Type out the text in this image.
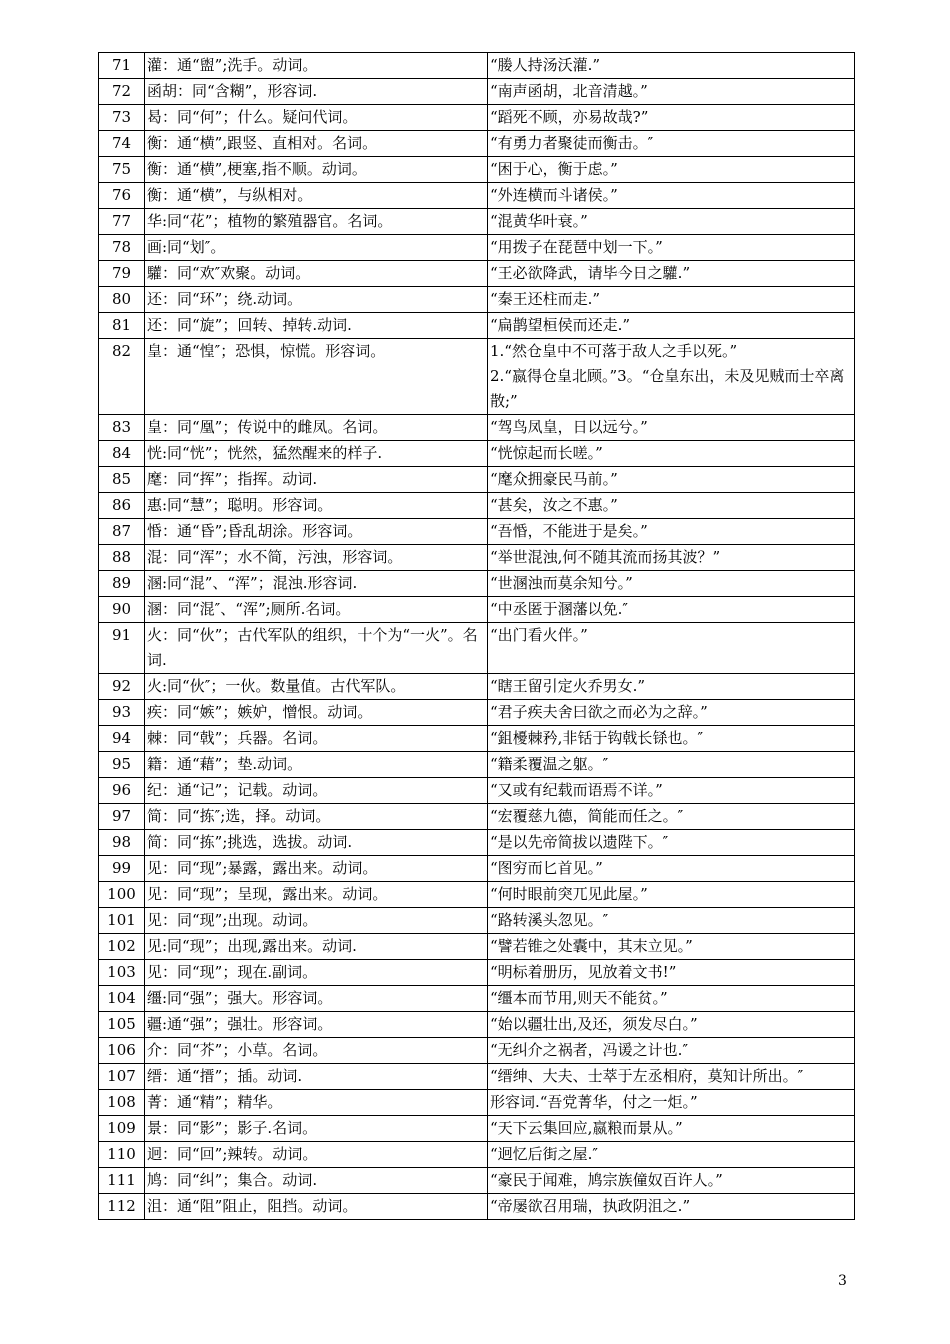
71	灌：通“盥”;洗手。动词。	“媵人持汤沃灌.”

72	函胡：同“含糊”，形容词.	“南声函胡，北音清越。”

73	曷：同“何”；什么。疑问代词。	“蹈死不顾，亦易故哉?”

74	衡：通“横”,跟竖、直相对。名词。	“有勇力者聚徒而衡击。″

75	衡：通“横”,梗塞,指不顺。动词。	“困于心，衡于虑。”

76	衡：通“横”，与纵相对。	“外连横而斗诸侯。”

77	华:同“花”；植物的繁殖器官。名词。	“混黄华叶衰。”

78	画:同“划″。	“用拨子在琵琶中划一下。”

79	驩：同“欢″欢聚。动词。	“王必欲降武，请毕今日之驩.”

80	还：同“环”；绕.动词。	“秦王还柱而走.”

81	还：同“旋”；回转、掉转.动词.	“扁鹊望桓侯而还走.”

82	皇：通“惶″；恐惧，惊慌。形容词。	1.“然仓皇中不可落于敌人之手以死。”
2.“嬴得仓皇北顾。”3。“仓皇东出，未及见贼而士卒离散;”

83	皇：同“凰”；传说中的雌凤。名词。	“驾鸟凤皇，日以远兮。”

84	恍:同“恍”；恍然，猛然醒来的样子.	“恍惊起而长嗟。”

85	麾：同“挥”；指挥。动词.	“麾众拥豪民马前。”

86	惠:同“慧”；聪明。形容词。	“甚矣，汝之不惠。”

87	惛：通“昏”;昏乱胡涂。形容词。	“吾惛，不能进于是矣。”

88	混：同“浑”；水不简，污浊，形容词。	“举世混浊,何不随其流而扬其波？”

89	溷:同“混”、“浑”；混浊.形容词.	“世溷浊而莫余知兮。”

90	溷：同“混″、“浑”;厕所.名词。	“中丞匿于溷藩以免.″

91	火：同“伙”；古代军队的组织，十个为“一火”。名词.	“出门看火伴。”

92	火:同“伙″；一伙。数量值。古代军队。	“瞎王留引定火乔男女.”

93	疾：同“嫉”；嫉妒，憎恨。动词。	“君子疾夫舍曰欲之而必为之辞。”

94	棘：同“戟”；兵器。名词。	“鉏櫌棘矜,非铦于钩戟长铩也。″

95	籍：通“藉”；垫.动词。	“籍柔覆温之躯。″

96	纪：通“记”；记载。动词。	“又或有纪载而语焉不详。”

97	简：同“拣″;选，择。动词。	“宏覆慈九德，简能而任之。″

98	简：同“拣”;挑选，选拔。动词.	“是以先帝简拔以遗陛下。″

99	见：同“现”;暴露，露出来。动词。	“图穷而匕首见。”

100	见：同“现”；呈现，露出来。动词。	“何时眼前突兀见此屋。”

101	见：同“现”;出现。动词。	“路转溪头忽见。″

102	见:同“现”；出现,露出来。动词.	“譬若锥之处囊中，其末立见。”

103	见：同“现”；现在.副词。	“明标着册历，见放着文书!”

104	缰:同“强”；强大。形容词。	“缰本而节用,则天不能贫。”

105	疆:通“强”；强壮。形容词。	“始以疆壮出,及还，须发尽白。”

106	介：同“芥”；小草。名词。	“无纠介之祸者，冯谖之计也.″

107	缙：通“搢”；插。动词.	“缙绅、大夫、士萃于左丞相府，莫知计所出。″

108	菁：通“精”；精华。	形容词.“吾党菁华，付之一炬。”

109	景：同“影”；影子.名词。	“天下云集回应,嬴粮而景从。”

110	迥：同“回”;辣转。动词。	“迥忆后街之屋.″

111	鸠：同“纠”；集合。动词.	“豪民于闻难，鸠宗族僮奴百许人。”

112	沮：通“阻”阻止，阻挡。动词。	“帝屡欲召用瑞，执政阴沮之.”
3
